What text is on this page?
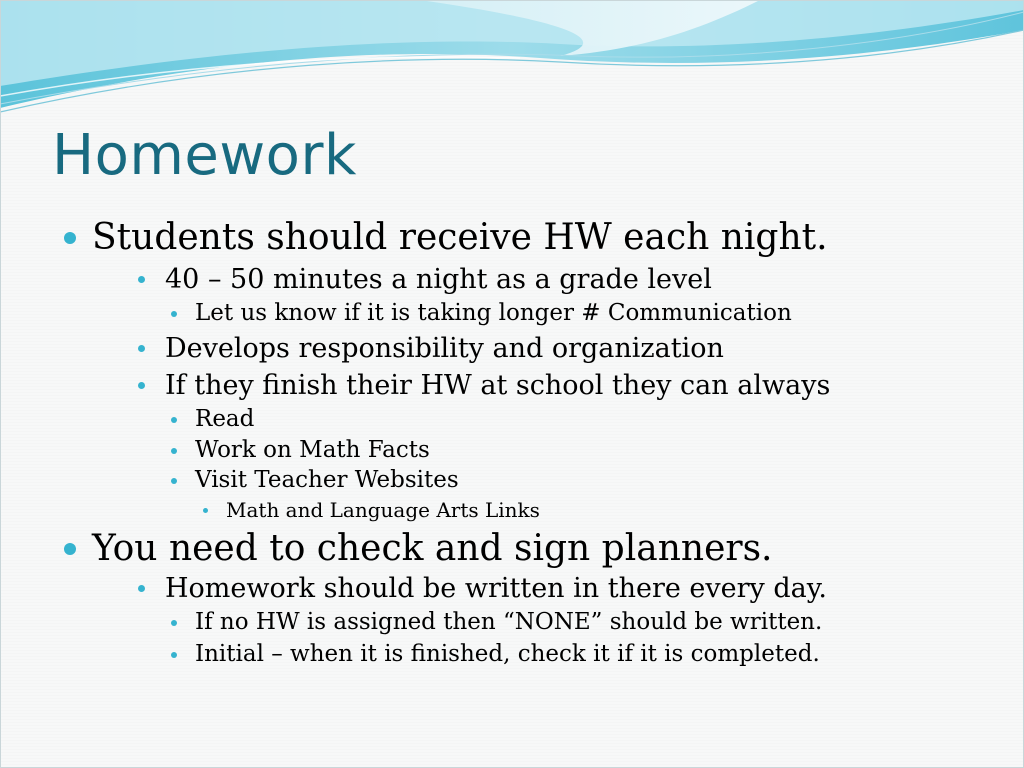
Homework
Students should receive HW each night.
40 – 50 minutes a night as a grade level
Let us know if it is taking longer # Communication
Develops responsibility and organization
If they finish their HW at school they can always
Read
Work on Math Facts
Visit Teacher Websites
Math and Language Arts Links
You need to check and sign planners.
Homework should be written in there every day.
If no HW is assigned then “NONE” should be written.
Initial – when it is finished, check it if it is completed.
